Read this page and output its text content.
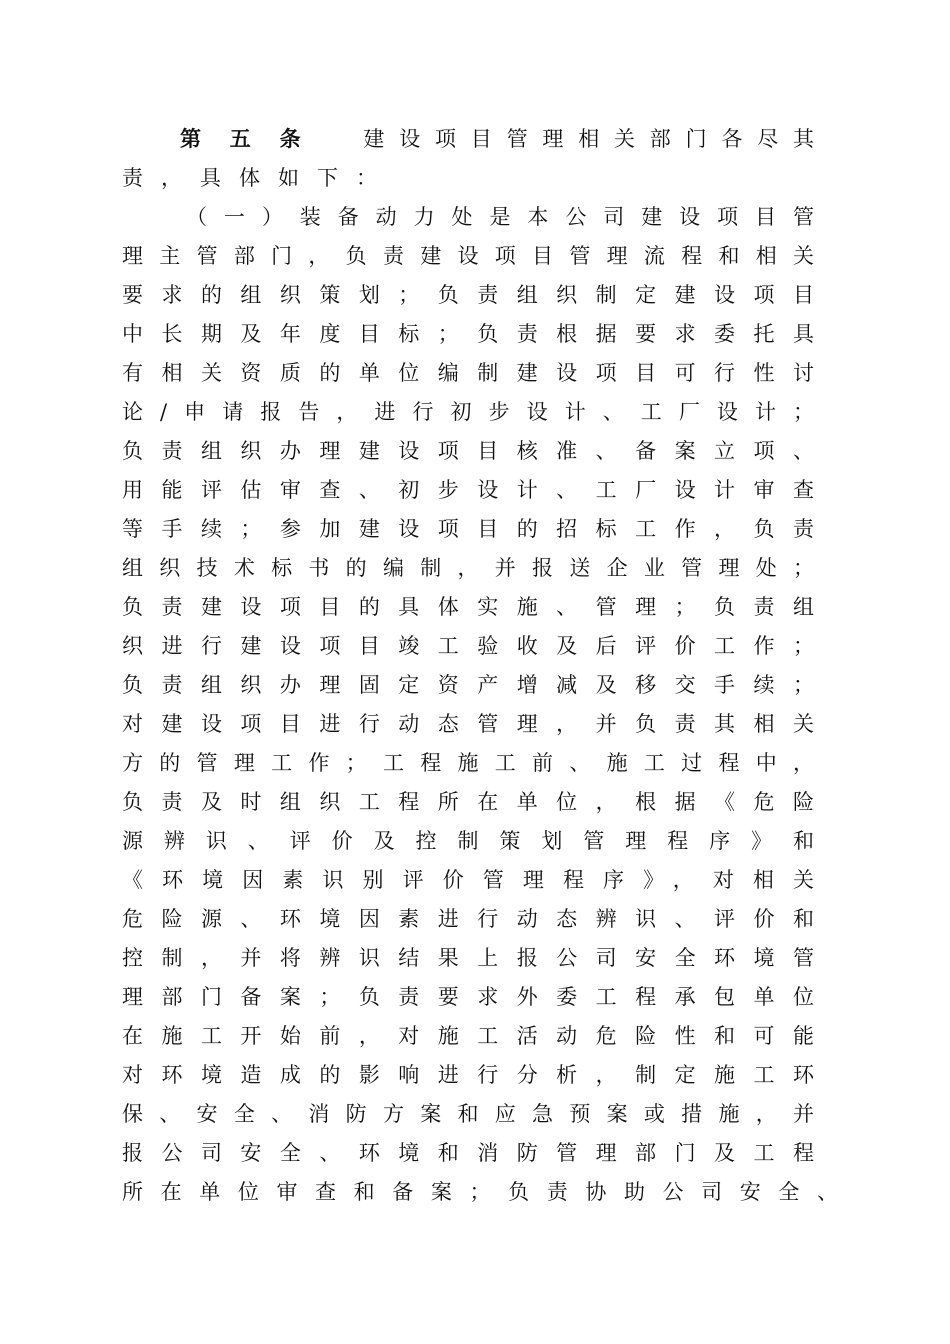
第五条 建设项目管理相关部门各尽其
责，具体如下：
（一）装备动力处是本公司建设项目管
理主管部门，负责建设项目管理流程和相关
要求的组织策划；负责组织制定建设项目
中长期及年度目标；负责根据要求委托具
有相关资质的单位编制建设项目可行性讨
论/申请报告，进行初步设计、工厂设计；
负责组织办理建设项目核准、备案立项、
用能评估审查、初步设计、工厂设计审查
等手续；参加建设项目的招标工作，负责
组织技术标书的编制，并报送企业管理处；
负责建设项目的具体实施、管理；负责组
织进行建设项目竣工验收及后评价工作；
负责组织办理固定资产增减及移交手续；
对建设项目进行动态管理，并负责其相关
方的管理工作；工程施工前、施工过程中，
负责及时组织工程所在单位，根据《危险
源辨识、评价及控制策划管理程序》和
《环境因素识别评价管理程序》，对相关
危险源、环境因素进行动态辨识、评价和
控制，并将辨识结果上报公司安全环境管
理部门备案；负责要求外委工程承包单位
在施工开始前，对施工活动危险性和可能
对环境造成的影响进行分析，制定施工环
保、安全、消防方案和应急预案或措施，并
报公司安全、环境和消防管理部门及工程
所在单位审查和备案；负责协助公司安全、
